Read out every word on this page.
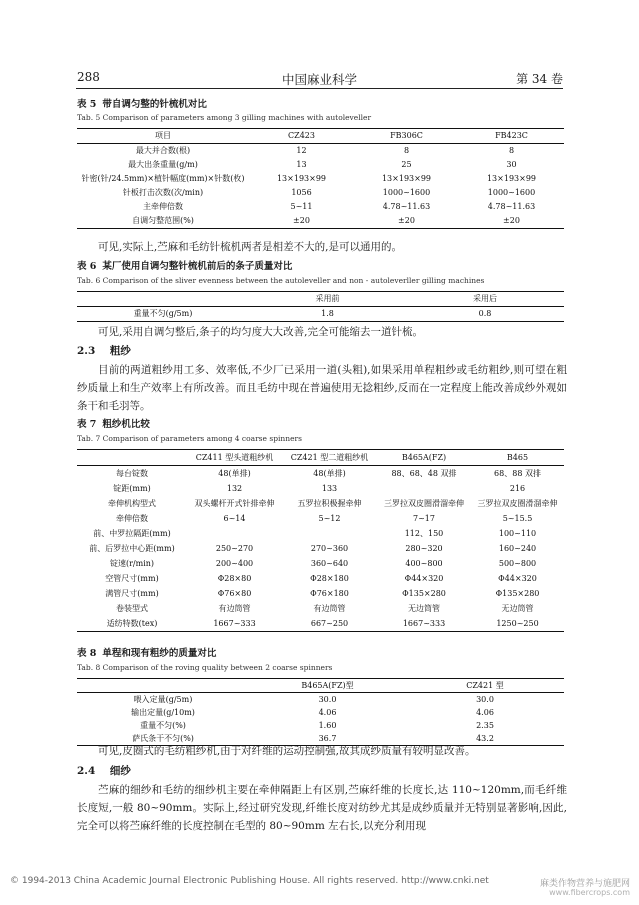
288	中国麻业科学	第 34 卷
表 5 带自调匀整的针梳机对比
Tab. 5 Comparison of parameters among 3 gilling machines with autoleveller
项目	CZ423	FB306C	FB423C
最大并合数(根)	12	8	8
最大出条重量(g/m)	13	25	30
针密(针/24.5mm)×植针幅度(mm)×针数(枚)	13×193×99	13×193×99	13×193×99
针板打击次数(次/min)	1056	1000~1600	1000~1600
主牵伸倍数	5~11	4.78~11.63	4.78~11.63
自调匀整范围(%)	±20	±20	±20
可见,实际上,苎麻和毛纺针梳机两者是相差不大的,是可以通用的。
表 6 某厂使用自调匀整针梳机前后的条子质量对比
Tab. 6 Comparison of the sliver evenness between the autoleveller and non - autoleverller gilling machines
	采用前	采用后
重量不匀(g/5m)	1.8	0.8
可见,采用自调匀整后,条子的均匀度大大改善,完全可能缩去一道针梳。
2.3 粗纱
目前的两道粗纱用工多、效率低,不少厂已采用一道(头粗),如果采用单程粗纱或毛纺粗纱,则可望在粗纱质量上和生产效率上有所改善。而且毛纺中现在普遍使用无捻粗纱,反而在一定程度上能改善成纱外观如条干和毛羽等。
表 7 粗纱机比较
Tab. 7 Comparison of parameters among 4 coarse spinners
	CZ411 型头道粗纱机	CZ421 型二道粗纱机	B465A(FZ)	B465
每台锭数	48(单排)	48(单排)	88、68、48 双排	68、88 双排
锭距(mm)	132	133		216
牵伸机构型式	双头螺杆开式针排牵伸	五罗拉积极握牵伸	三罗拉双皮圈滑溜牵伸	三罗拉双皮圈滑溜牵伸
牵伸倍数	6~14	5~12	7~17	5~15.5
前、中罗拉隔距(mm)			112、150	100~110
前、后罗拉中心距(mm)	250~270	270~360	280~320	160~240
锭速(r/min)	200~400	360~640	400~800	500~800
空管尺寸(mm)	Φ28×80	Φ28×180	Φ44×320	Φ44×320
满管尺寸(mm)	Φ76×80	Φ76×180	Φ135×280	Φ135×280
卷装型式	有边筒管	有边筒管	无边筒管	无边筒管
适纺特数(tex)	1667~333	667~250	1667~333	1250~250
表 8 单程和现有粗纱的质量对比
Tab. 8 Comparison of the roving quality between 2 coarse spinners
	B465A(FZ)型	CZ421 型
喂入定量(g/5m)	30.0	30.0
输出定量(g/10m)	4.06	4.06
重量不匀(%)	1.60	2.35
萨氏条干不匀(%)	36.7	43.2
可见,皮圈式的毛纺粗纱机,由于对纤维的运动控制强,故其成纱质量有较明显改善。
2.4 细纱
苎麻的细纱和毛纺的细纱机主要在牵伸隔距上有区别,苎麻纤维的长度长,达 110~120mm,而毛纤维长度短,一般 80~90mm。实际上,经过研究发现,纤维长度对纺纱尤其是成纱质量并无特别显著影响,因此,完全可以将苎麻纤维的长度控制在毛型的 80~90mm 左右长,以充分利用现
© 1994-2013 China Academic Journal Electronic Publishing House. All rights reserved. http://www.cnki.net	麻类作物营养与施肥网
www.fibercrops.com
